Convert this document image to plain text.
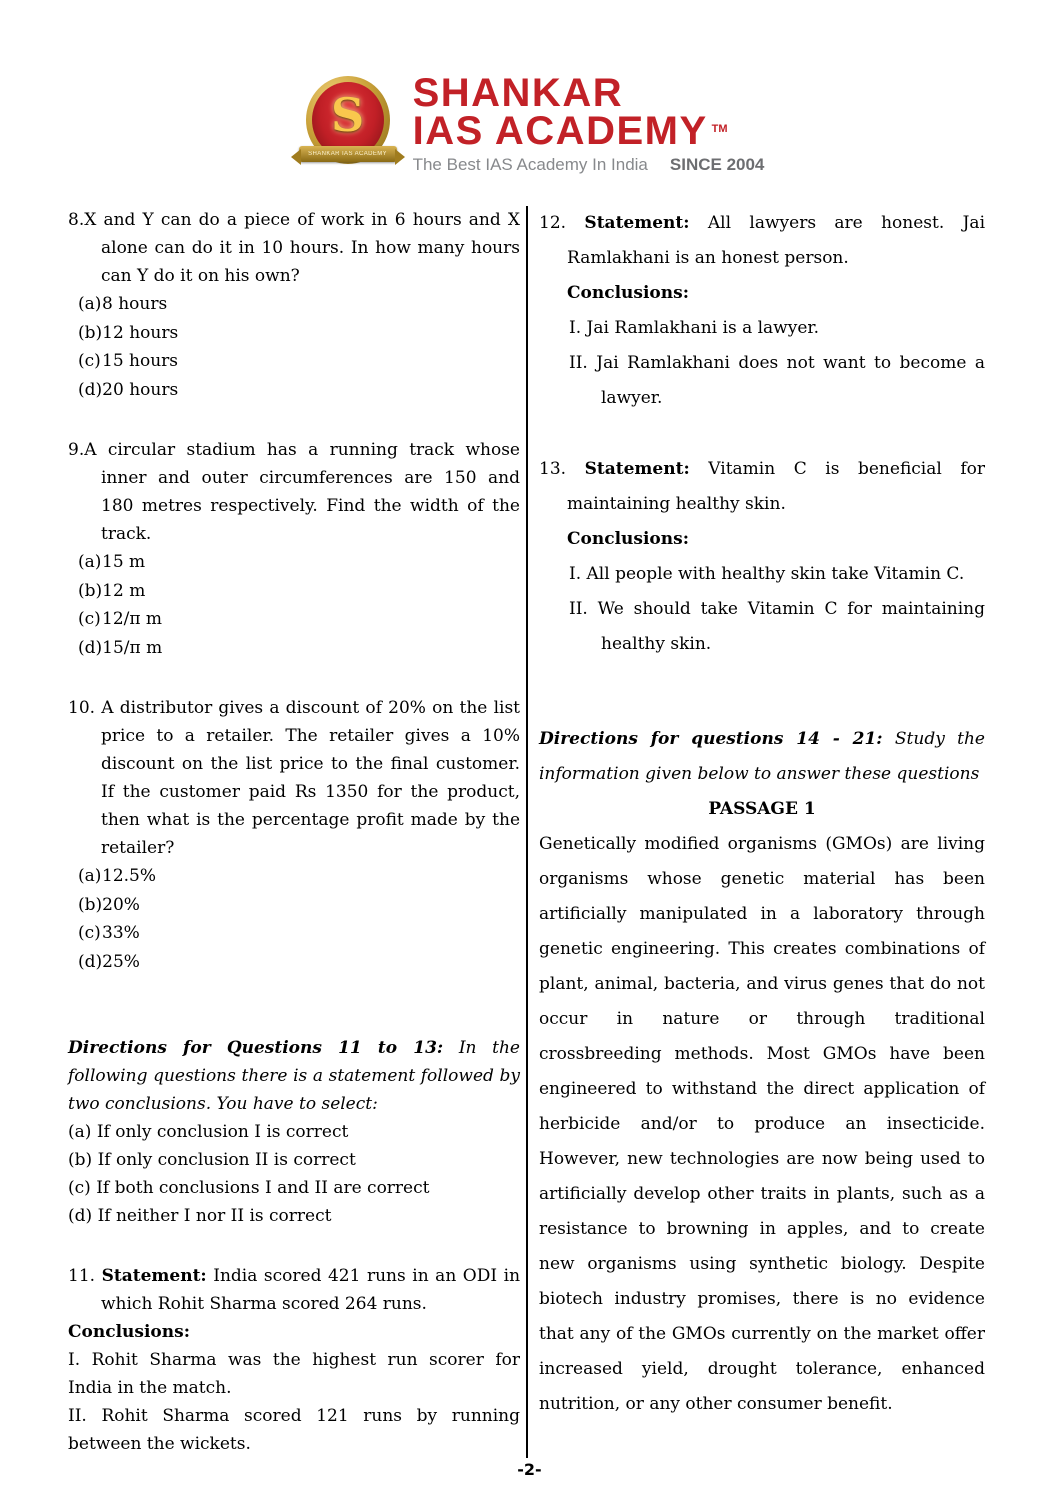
S
SHANKAR IAS ACADEMY
SHANKAR
IAS ACADEMY ™
The Best IAS Academy In India SINCE 2004

8.X and Y can do a piece of work in 6 hours and X alone can do it in 10 hours. In how many hours can Y do it on his own?

(a)8 hours
(b)12 hours
(c)15 hours
(d)20 hours

9.A circular stadium has a running track whose inner and outer circumferences are 150 and 180 metres respectively. Find the width of the track.

(a)15 m
(b)12 m
(c)12/π m
(d)15/π m

10. A distributor gives a discount of 20% on the list price to a retailer. The retailer gives a 10% discount on the list price to the final customer. If the customer paid Rs 1350 for the product, then what is the percentage profit made by the retailer?

(a)12.5%
(b)20%
(c)33%
(d)25%

Directions for Questions 11 to 13: In the following questions there is a statement followed by two conclusions. You have to select:

(a) If only conclusion I is correct
(b) If only conclusion II is correct
(c) If both conclusions I and II are correct
(d) If neither I nor II is correct

11. Statement: India scored 421 runs in an ODI in which Rohit Sharma scored 264 runs.

Conclusions:

I. Rohit Sharma was the highest run scorer for India in the match.

II. Rohit Sharma scored 121 runs by running between the wickets.

12. Statement: All lawyers are honest. Jai Ramlakhani is an honest person.

Conclusions:

I. Jai Ramlakhani is a lawyer.

II. Jai Ramlakhani does not want to become a lawyer.

13. Statement: Vitamin C is beneficial for maintaining healthy skin.

Conclusions:

I. All people with healthy skin take Vitamin C.

II. We should take Vitamin C for maintaining healthy skin.

Directions for questions 14 - 21: Study the information given below to answer these questions

PASSAGE 1

Genetically modified organisms (GMOs) are living organisms whose genetic material has been artificially manipulated in a laboratory through genetic engineering. This creates combinations of plant, animal, bacteria, and virus genes that do not occur in nature or through traditional crossbreeding methods. Most GMOs have been engineered to withstand the direct application of herbicide and/or to produce an insecticide. However, new technologies are now being used to artificially develop other traits in plants, such as a resistance to browning in apples, and to create new organisms using synthetic biology. Despite biotech industry promises, there is no evidence that any of the GMOs currently on the market offer increased yield, drought tolerance, enhanced nutrition, or any other consumer benefit.

-2-
